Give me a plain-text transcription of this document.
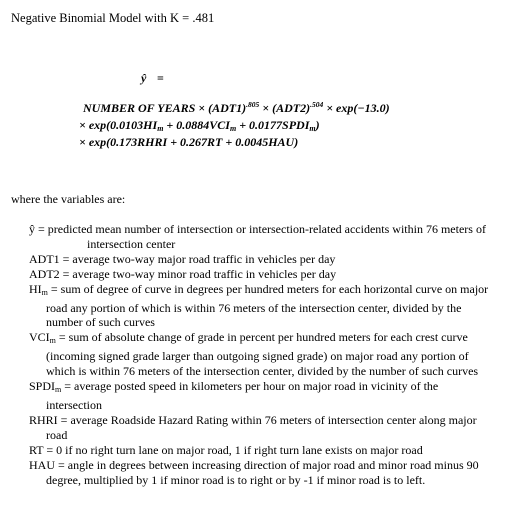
Negative Binomial Model with K = .481
ŷ =
NUMBER OF YEARS × $(ADT1)^{.805} \times (ADT2)^{.504} \times \exp(-13.0)$
× $\exp(0.0103HI_m + 0.0884VCI_m$ + $0.0177SPDI_m$)
× exp(0.173RHRI + 0.267RT + 0.0045HAU)
where the variables are:

ŷ = predicted mean number of intersection or intersection-related accidents within 76 meters of intersection center

ADT1 = average two-way major road traffic in vehicles per day

ADT2 = average two-way minor road traffic in vehicles per day

$HI_m$ = sum of degree of curve in degrees per hundred meters for each horizontal curve on major road any portion of which is within 76 meters of the intersection center, divided by the number of such curves

$VCI_m$ = sum of absolute change of grade in percent per hundred meters for each crest curve (incoming signed grade larger than outgoing signed grade) on major road any portion of which is within 76 meters of the intersection center, divided by the number of such curves

$SPDI_m$ = average posted speed in kilometers per hour on major road in vicinity of the intersection

RHRI = average Roadside Hazard Rating within 76 meters of intersection center along major road

RT = 0 if no right turn lane on major road, 1 if right turn lane exists on major road

HAU = angle in degrees between increasing direction of major road and minor road minus 90 degree, multiplied by 1 if minor road is to right or by -1 if minor road is to left.
